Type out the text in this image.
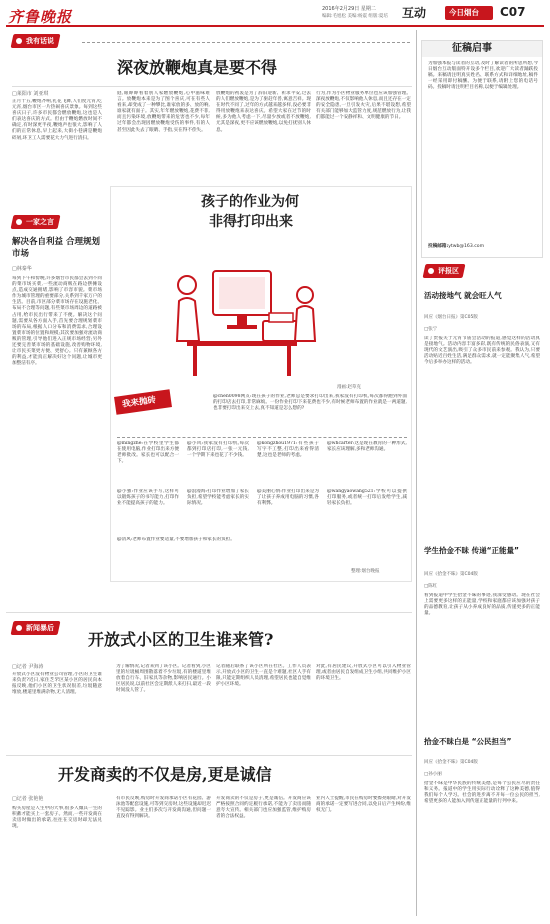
齐鲁晚报	2016年2月29日 星期二
编辑:毛旭松 美编:杨震 组版:夏培 互动	今日烟台 C07
我有话说
深夜放鞭炮真是要不得
□莱阳市 刘亚琪
正月十五,鞭炮齐响,礼花飞舞,人们度元宵,吃元宵,烟台市区一片热闹喜庆景象。每到这些喜庆日子,许多市民都会燃放鞭炮,这也是人们表达喜庆的方式。但由于鞭炮燃放时间不确定,有时深更半夜,鞭炮声也很大,影响了人们的正常休息,早上起来,大街小巷满是鞭炮碎屑,环卫工人需要花大力气进行清扫。
庭,眼睁睁看着别人家燃放鞭炮,心中滋味难言。放鞭炮本来是为了图个喜庆,可在有些人看来,却变成了一种攀比,谁家放的多、放的响,谁家就有面子。其实,年年燃放鞭炮,花费不菲,而且污染环境,放鞭炮带来的危害也不少,每年过年都会出现因燃放鞭炮受伤的事件,有的人甚至因此失去了眼睛、手指,实在得不偿失。
放鞭炮的初衷是为了辞旧迎新、祈求平安,过去的人们燃放鞭炮,是为了驱赶年兽,寓意吉祥。现在时代不同了,过年的方式越来越多样,没必要非得用放鞭炮来表达喜庆。希望大家在过节的时候,多为他人考虑一下,尽量少放或者不放鞭炮,尤其是深夜,更不应该燃放鞭炮,以免打扰别人休息。
行为,作为小区物业服务单位也应该加强管理。深夜放鞭炮,不仅影响他人休息,而且还存在一定的安全隐患,一旦引发火灾,后果不堪设想,希望有关部门能够加大监管力度,规范燃放行为,让我们都能过一个安静祥和、文明健康的节日。
一家之言
解决各自利益 合理规划市场
□林秦华
每到下午和傍晚,许多烟台市民都会去到不同的菜市场买菜,一些流动商贩在路边摆摊设点,造成交通拥堵,影响了市容市貌。菜市场作为城市管理的重要部分,关系到千家万户的生活。目前,市区部分菜市场存在设施老化、布局不合理等问题,有些菜市场周边的道路被占用,给市民出行带来了不便。解决这个问题,需要从各方面入手,首先要合理规划菜市场的布局,根据人口分布和消费需求,合理设置菜市场的位置和规模;其次要加强对流动商贩的管理,引导他们进入正规市场经营;另外还要完善菜市场的基础设施,改善购物环境,让市民买菜更方便、更舒心。只有兼顾各方的利益,才能真正解决好这个问题,让城市更加整洁有序。
孩子的作业为何
非得打印出来
漫画:赵草克
我来抛砖	@chen0098网友:现在孩子的作业,老师总是要求打印出来,我家没有打印机,每次都得跑到外面的打印店去打印,非常麻烦。一份作业打印下来花费也不少,有时候老师布置的作业就是一两道题,也非要打印出来交上去,真不知道是怎么想的?
@mingzhe:在学校里学生都在使用电脑,作业打印出来方便老师批改。家长也可以配合一下。
@小风:我家没有打印机,每次都到打印店打印,一张一元钱,一个学期下来也花了不少钱。
@kongzhou1971:有些孩子写字不工整,打印出来看得清楚,这也是老师的考虑。
@whcarter:这是现在教育的一种形式,家长应该理解,多和老师沟通。
@小强:作业应该手写,这样可以锻炼孩子的书写能力,打印作业不能提高孩子的能力。
@浪漫海:打印作业增加了家长负担,希望学校能考虑家长的实际情况。
@美丽心情:作业打印出来是为了让孩子养成用电脑的习惯,各有利弊。
@wangyaowang521:学校可以提供打印服务,或者统一打印后发给学生,减轻家长负担。
@清风:老师布置作业要适量,不要增加孩子和家长的负担。
整理:烟台晚报
征稿启事
为加强本报与读者的互动,及时了解读者的所思所想,今日烟台互动版面特开设多个栏目,欢迎广大读者踊跃投稿。来稿请注明真实姓名、联系方式和详细地址,稿件一经采用即付稿酬。为便于联系,请附上您的电话号码。投稿时请注明栏目名称,以便于编辑处理。
投稿邮箱:ytwb@163.com
评报区
活动接地气 就会旺人气
回应《烟台日报》第C05版
□张宁
读了贵报关于元宵节庙会活动的报道,感觉这样的活动真是接地气。活动内容丰富多彩,既有传统的民俗表演,又有现代的文艺演出,吸引了众多市民前来参观。我认为,只要活动贴近百姓生活,满足群众需求,就一定能聚集人气,希望今后多举办这样的活动。
学生拾金不昧 传递“正能量”
回应《拾金不昧》第C04版
□陈红
看到报道中学生拾金不昧的事迹,我深受感动。现在社会上需要更多这样的正能量,学校和家庭都应该加强对孩子的品德教育,让孩子从小养成良好的品质,传递更多的正能量。
拾金不昧白是 “公民担当”
回应《拾金不昧》第C04版
□孙小丽
拾金不昧是中华民族的传统美德,是每个公民应尽的责任和义务。报道中的学生用实际行动诠释了这种美德,值得我们每个人学习。社会的进步离不开每一位公民的担当,希望更多的人能加入到传递正能量的行列中来。
新闻暴后
开放式小区的卫生谁来管?
□记者 尹海涛
开放式小区没有物业公司管理,小区的卫生谁来负责?近日,家住芝罘区某小区的居民向本报反映,他们小区的卫生状况很差,垃圾随意堆放,楼道里堆满杂物,无人清理。
为了解情况,记者来到了该小区。记者看到,小区里的垃圾桶周围散落着不少垃圾,有的楼道里堆放着自行车、旧家具等杂物,影响居民通行。小区居民说,以前社区会定期派人来打扫,最近一段时间没人管了。
记者随后联系了该小区所在社区。工作人员表示,开放式小区的卫生一直是个难题,社区人手有限,只能定期组织人员清理,希望居民也能自觉维护小区环境。
对此,有居民建议,开放式小区可以引入物业管理,或者由居民自发组成卫生小组,共同维护小区的环境卫生。
开发商卖的不仅是房,更是诚信
□记者 张艳艳
购买房屋是人生中的大事,很多人倾其一生的积蓄才能买上一套房子。然而,一些开发商在卖房时做出的承诺,往往在交房时却无法兑现。
有市民反映,购房时开发商承诺小区有花园、游泳池等配套设施,可等到交房时,这些设施却迟迟不见踪影。业主们多次与开发商沟通,但问题一直没有得到解决。
开发商卖的不仅是房子,更是诚信。开发商应该严格按照合同约定履行承诺,不能为了卖房而随意夸大宣传。相关部门也应加强监管,维护购房者的合法权益。
业内人士提醒,市民在购房时要擦亮眼睛,对开发商的承诺一定要写进合同,以免日后产生纠纷,维权无门。
